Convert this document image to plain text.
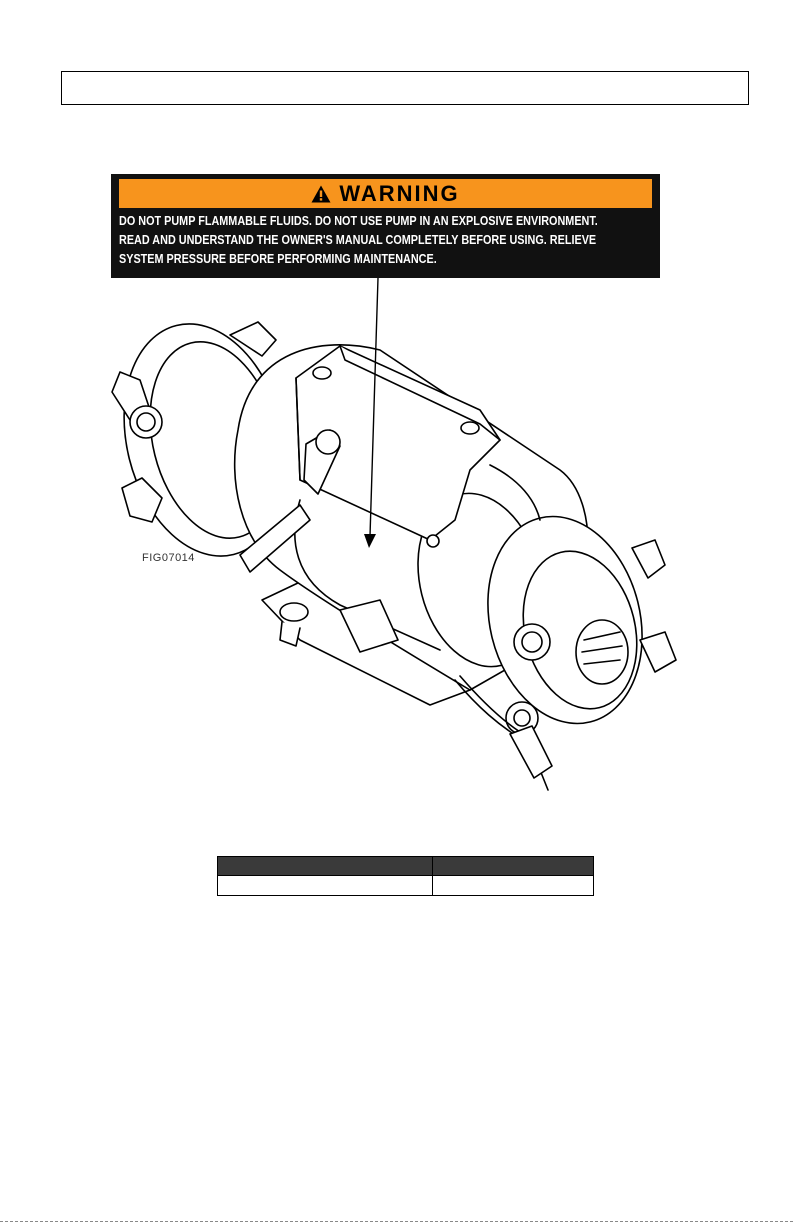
WARNING
DO NOT PUMP FLAMMABLE FLUIDS. DO NOT USE PUMP IN AN EXPLOSIVE ENVIRONMENT.
READ AND UNDERSTAND THE OWNER'S MANUAL COMPLETELY BEFORE USING. RELIEVE
SYSTEM PRESSURE BEFORE PERFORMING MAINTENANCE.
FIG07014
